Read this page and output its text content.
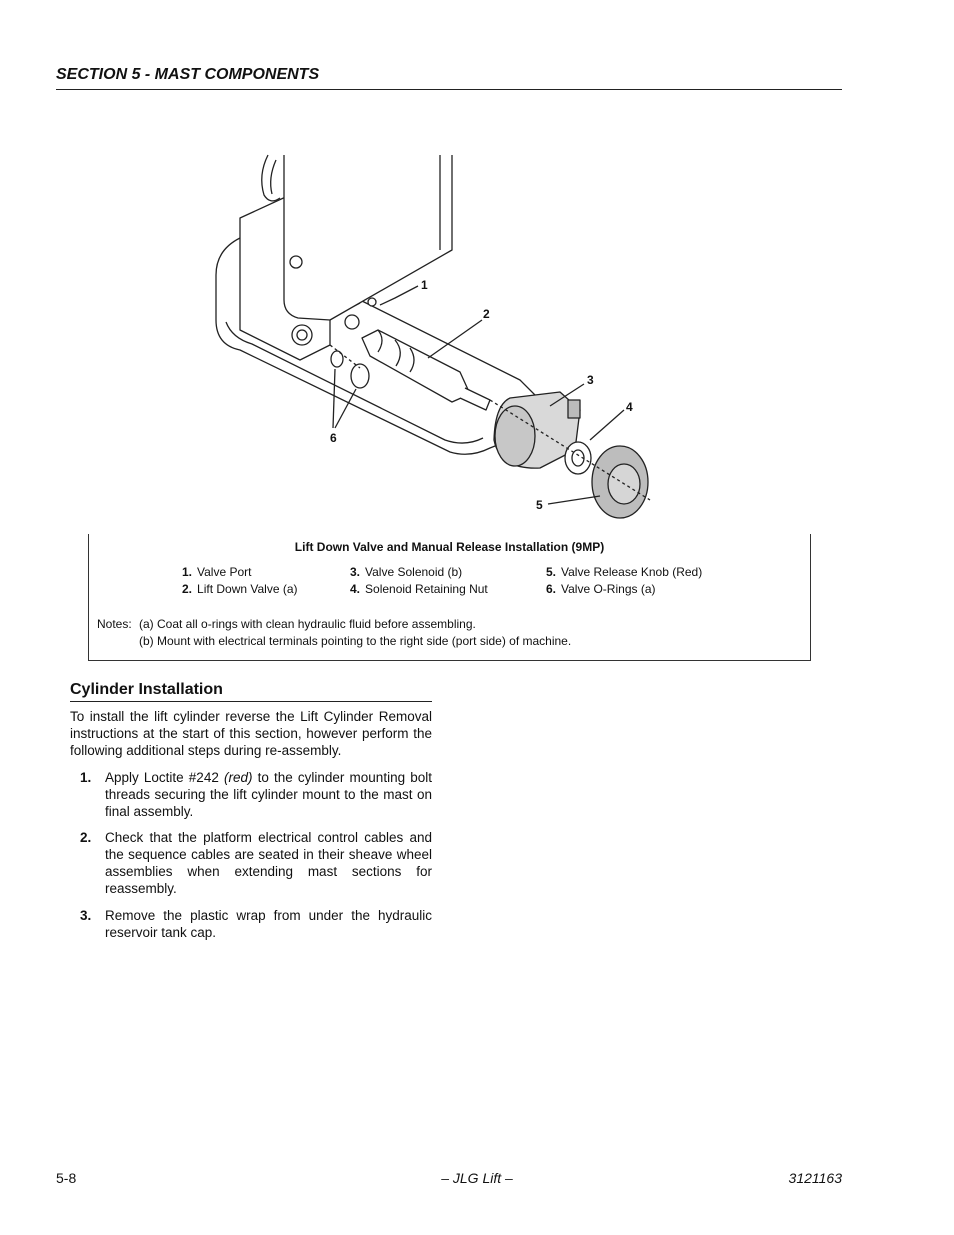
SECTION 5 - MAST COMPONENTS
1
2
3
4
5
6
Lift Down Valve and Manual Release Installation (9MP)
1. Valve Port
2. Lift Down Valve (a)
3. Valve Solenoid (b)
4. Solenoid Retaining Nut
5. Valve Release Knob (Red)
6. Valve O-Rings (a)
Notes: (a) Coat all o-rings with clean hydraulic fluid before assembling.
(b) Mount with electrical terminals pointing to the right side (port side) of machine.
Cylinder Installation

To install the lift cylinder reverse the Lift Cylinder Removal instructions at the start of this section, however perform the following additional steps during re-assembly.

1. Apply Loctite #242 (red) to the cylinder mounting bolt threads securing the lift cylinder mount to the mast on final assembly.
2. Check that the platform electrical control cables and the sequence cables are seated in their sheave wheel assemblies when extending mast sections for reassembly.
3. Remove the plastic wrap from under the hydraulic reservoir tank cap.
5-8	– JLG Lift –	3121163
